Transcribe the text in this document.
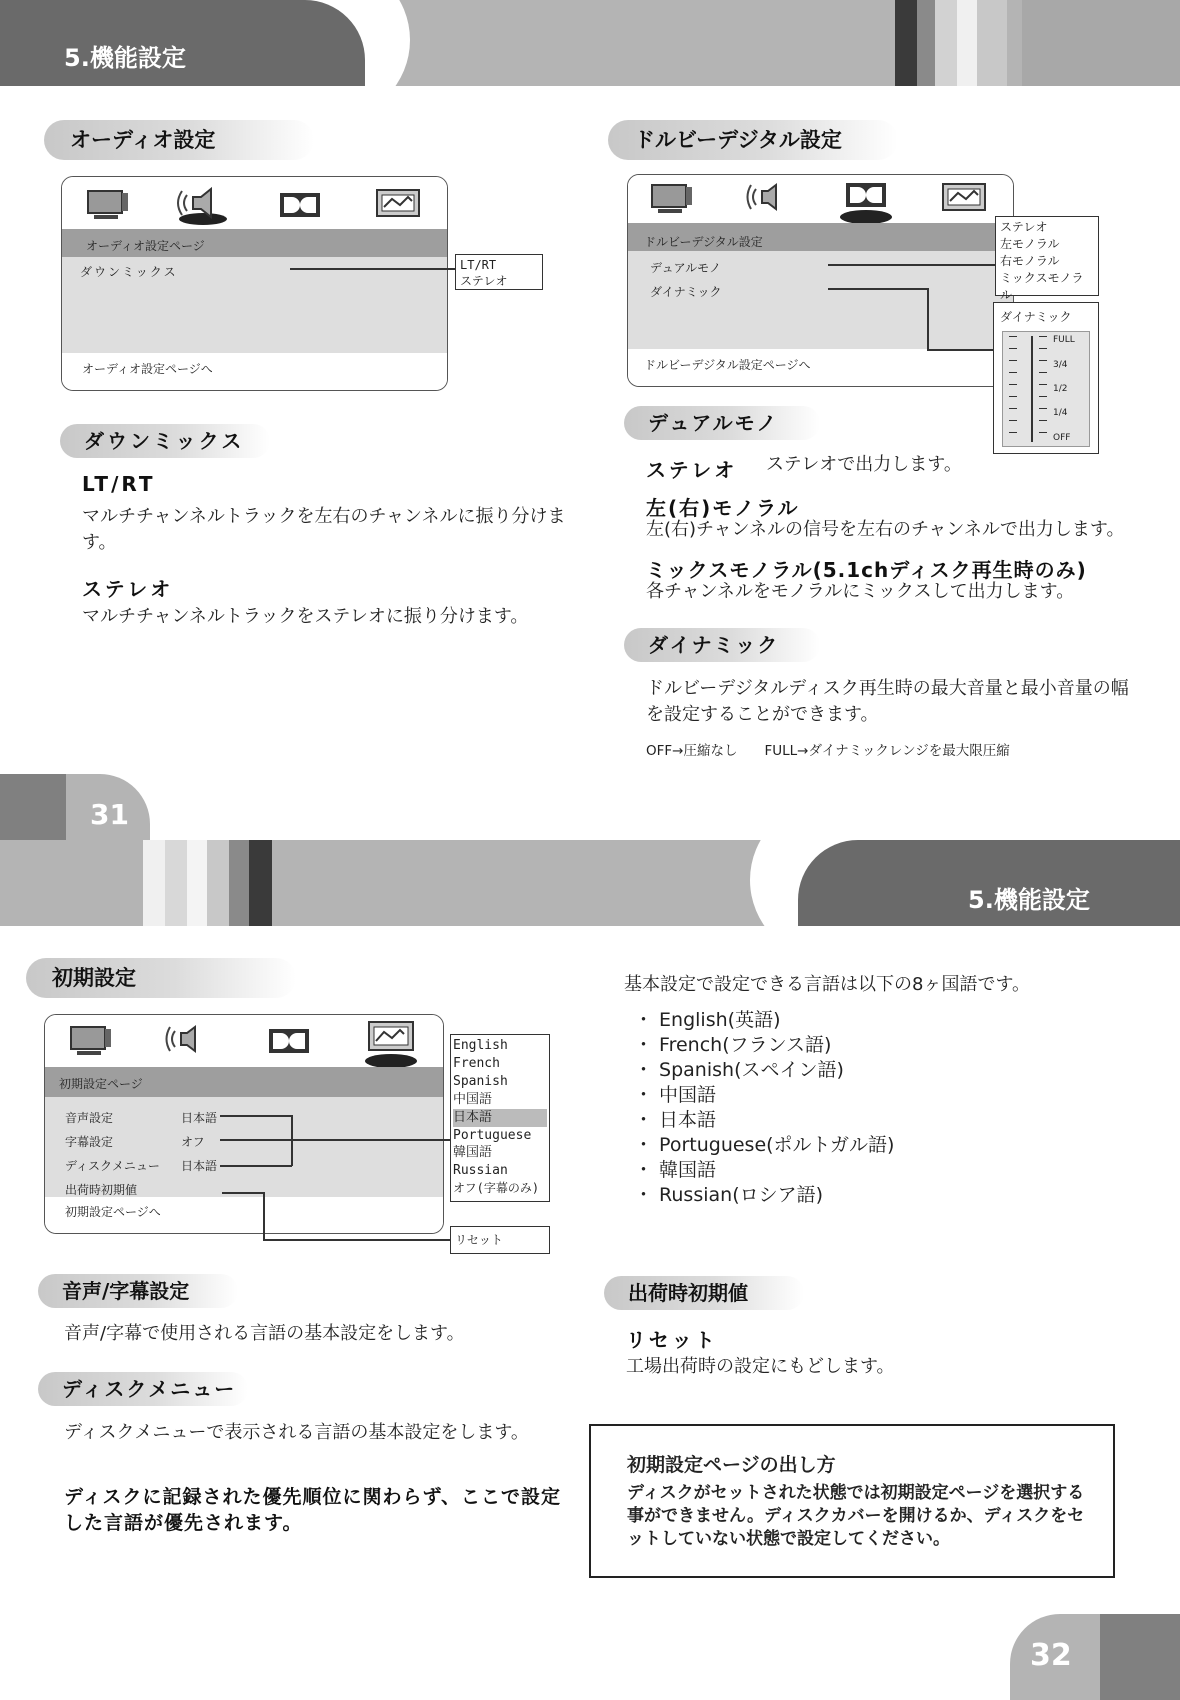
5.機能設定
オーディオ設定
オーディオ設定ページ
ダウンミックス
オーディオ設定ページへ
LT/RT
ステレオ
ダウンミックス
LT/RT
マルチチャンネルトラックを左右のチャンネルに振り分けます。
ステレオ
マルチチャンネルトラックをステレオに振り分けます。
ドルビーデジタル設定
ドルビーデジタル設定
デュアルモノ
ダイナミック
ドルビーデジタル設定ページへ
ステレオ
左モノラル
右モノラル
ミックスモノラル
ダイナミック
FULL
3/4
1/2
1/4
OFF
デュアルモノ
ステレオ ステレオで出力します。
左(右)モノラル
左(右)チャンネルの信号を左右のチャンネルで出力します。
ミックスモノラル(5.1chディスク再生時のみ)
各チャンネルをモノラルにミックスして出力します。
ダイナミック
ドルビーデジタルディスク再生時の最大音量と最小音量の幅を設定することができます。
OFF→圧縮なし　　FULL→ダイナミックレンジを最大限圧縮
31
5.機能設定
初期設定
初期設定ページ
音声設定	日本語
字幕設定	オフ
ディスクメニュー 日本語
出荷時初期値
初期設定ページへ
English
French
Spanish
中国語
日本語
Portuguese
韓国語
Russian
オフ(字幕のみ)
リセット
音声/字幕設定
音声/字幕で使用される言語の基本設定をします。
ディスクメニュー
ディスクメニューで表示される言語の基本設定をします。
ディスクに記録された優先順位に関わらず、ここで設定した言語が優先されます。
基本設定で設定できる言語は以下の8ヶ国語です。
・ English(英語)
・ French(フランス語)
・ Spanish(スペイン語)
・ 中国語
・ 日本語
・ Portuguese(ポルトガル語)
・ 韓国語
・ Russian(ロシア語)
出荷時初期値
リセット
工場出荷時の設定にもどします。
初期設定ページの出し方
ディスクがセットされた状態では初期設定ページを選択する事ができません。ディスクカバーを開けるか、ディスクをセットしていない状態で設定してください。
32
